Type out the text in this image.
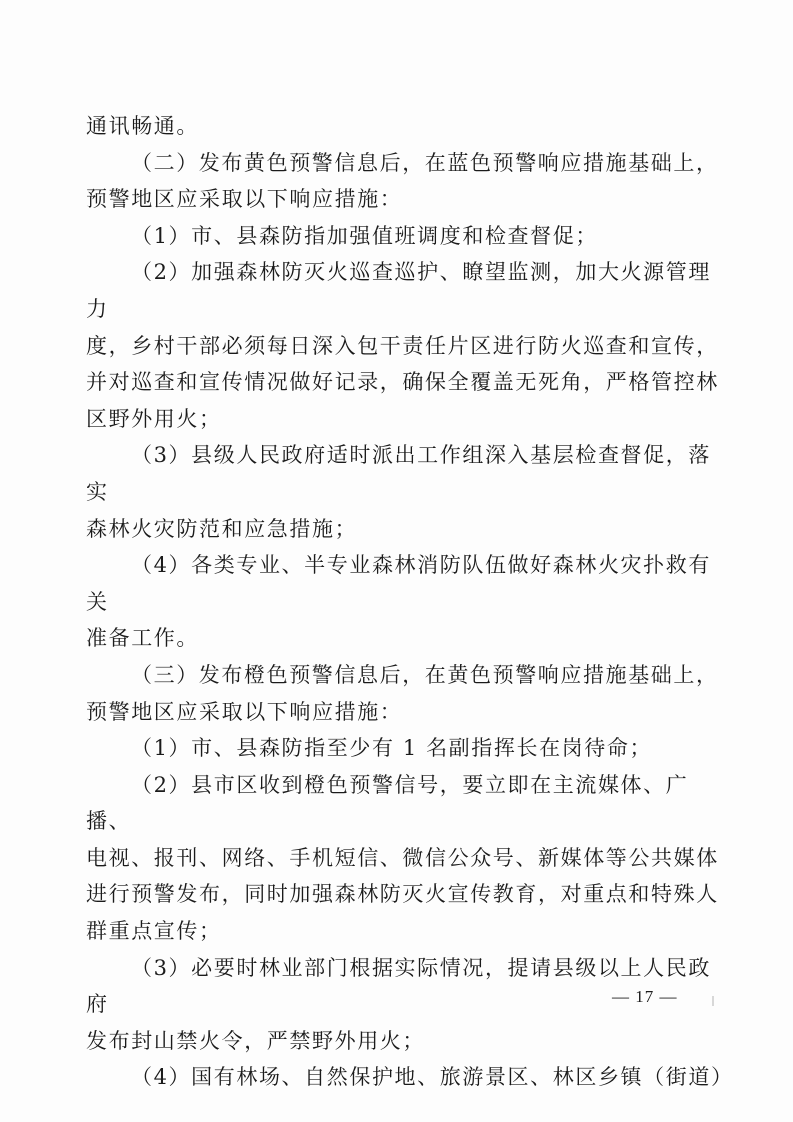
通讯畅通。

（二）发布黄色预警信息后，在蓝色预警响应措施基础上，
预警地区应采取以下响应措施：

（1）市、县森防指加强值班调度和检查督促；

（2）加强森林防灭火巡查巡护、瞭望监测，加大火源管理力
度，乡村干部必须每日深入包干责任片区进行防火巡查和宣传，
并对巡查和宣传情况做好记录，确保全覆盖无死角，严格管控林
区野外用火；

（3）县级人民政府适时派出工作组深入基层检查督促，落实
森林火灾防范和应急措施；

（4）各类专业、半专业森林消防队伍做好森林火灾扑救有关
准备工作。

（三）发布橙色预警信息后，在黄色预警响应措施基础上，
预警地区应采取以下响应措施：

（1）市、县森防指至少有 1 名副指挥长在岗待命；

（2）县市区收到橙色预警信号，要立即在主流媒体、广播、
电视、报刊、网络、手机短信、微信公众号、新媒体等公共媒体
进行预警发布，同时加强森林防灭火宣传教育，对重点和特殊人
群重点宣传；

（3）必要时林业部门根据实际情况，提请县级以上人民政府
发布封山禁火令，严禁野外用火；

（4）国有林场、自然保护地、旅游景区、林区乡镇（街道）

— 17 —
